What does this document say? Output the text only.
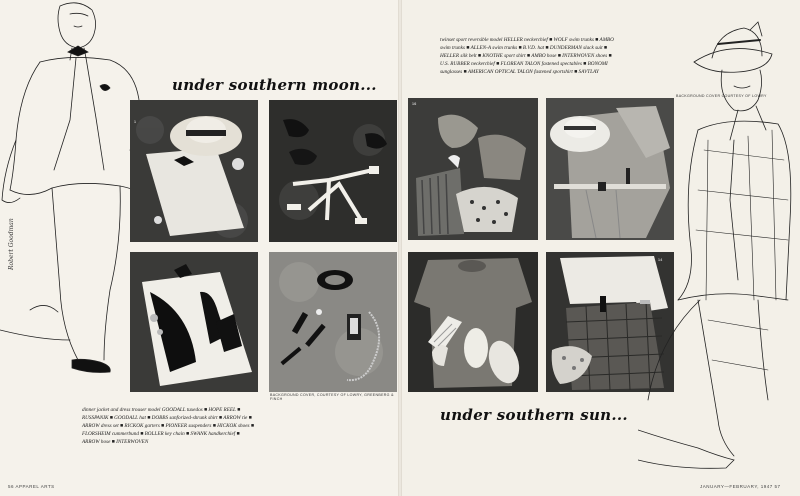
under southern moon...
1
BACKGROUND COVER, COURTESY OF LOWRY, GREENBERG & FINCH
dinner jacket and dress trouser model GOODALL tuxedos ■ HOPE REEL ■ RUSSPANIK ■ GOODALL hat ■ DOBBS sanforized-shrunk shirt ■ ARROW tie ■ ARROW dress set ■ RICKOK garters ■ PIONEER suspenders ■ HICKOK shoes ■ FLORSHEIM cummerbund ■ BOLLER key chain ■ SWANK handkerchief ■ ARROW hose ■ INTERWOVEN
Robert Goodman
56 APPAREL ARTS
twinset sport reversible model HELLER neckerchief ■ WOLF swim trunks ■ AMBO swim trunks ■ ALLEN-A swim trunks ■ B.V.D. hat ■ DUNDERMAN slack suit ■ HELLER silk belt ■ KNOTHE sport shirt ■ AMBO hose ■ INTERWOVEN shoes ■ U.S. RUBBER neckerchief ■ FLOREAN TALON fastened spectables ■ BONOMI sunglasses ■ AMERICAN OPTICAL TALON fastened sportshirt ■ SAVTLAY
BACKGROUND COVER COURTESY OF LOWRY
16
14
under southern sun...
JANUARY—FEBRUARY, 1947 57
